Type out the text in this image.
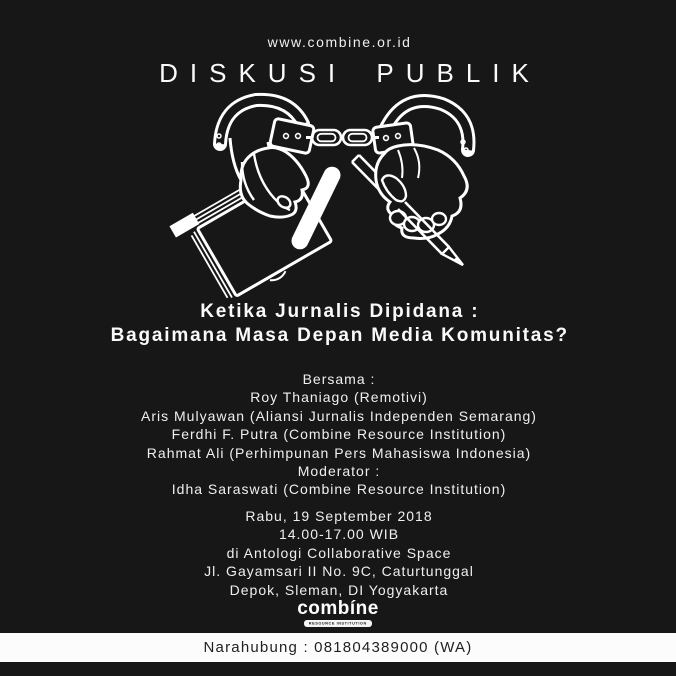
www.combine.or.id
DISKUSI PUBLIK
Ketika Jurnalis Dipidana :
Bagaimana Masa Depan Media Komunitas?
Bersama :
Roy Thaniago (Remotivi)
Aris Mulyawan (Aliansi Jurnalis Independen Semarang)
Ferdhi F. Putra (Combine Resource Institution)
Rahmat Ali (Perhimpunan Pers Mahasiswa Indonesia)
Moderator :
Idha Saraswati (Combine Resource Institution)
Rabu, 19 September 2018
14.00-17.00 WIB
di Antologi Collaborative Space
Jl. Gayamsari II No. 9C, Caturtunggal
Depok, Sleman, DI Yogyakarta
combíne
RESOURCE INSTITUTION
Narahubung : 081804389000 (WA)
